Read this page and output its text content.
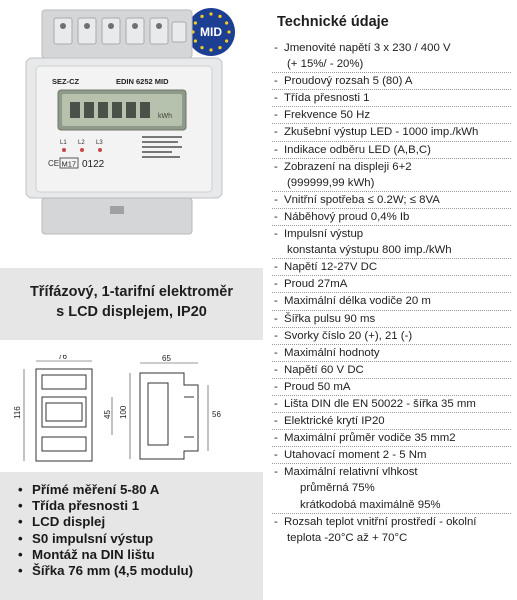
MID
kWh
SEZ-CZ	EDIN 6252 MID
L1 L2 L3
CE M17 0122
Třífázový, 1-tarifní elektroměr
s LCD displejem, IP20
76	65
116	45 100	56
• Přímé měření 5-80 A
• Třída přesnosti 1
• LCD displej
• S0 impulsní výstup
• Montáž na DIN lištu
• Šířka 76 mm (4,5 modulu)
Technické údaje
- Jmenovité napětí 3 x 230 / 400 V
(+ 15%/ - 20%)
- Proudový rozsah 5 (80) A
- Třída přesnosti 1
- Frekvence 50 Hz
- Zkušební výstup LED - 1000 imp./kWh
- Indikace odběru LED (A,B,C)
- Zobrazení na displeji 6+2
(999999,99 kWh)
- Vnitřní spotřeba ≤ 0.2W; ≤ 8VA
- Náběhový proud 0,4% Ib
- Impulsní výstup
konstanta výstupu 800 imp./kWh
- Napětí 12-27V DC
- Proud 27mA
- Maximální délka vodiče 20 m
- Šířka pulsu 90 ms
- Svorky číslo 20 (+), 21 (-)
- Maximální hodnoty
- Napětí 60 V DC
- Proud 50 mA
- Lišta DIN dle EN 50022 - šířka 35 mm
- Elektrické krytí IP20
- Maximální průměr vodiče 35 mm2
- Utahovací moment 2 - 5 Nm
- Maximální relativní vlhkost
průměrná 75%
krátkodobá maximálně 95%
- Rozsah teplot vnitřní prostředí - okolní
teplota -20°C až + 70°C
